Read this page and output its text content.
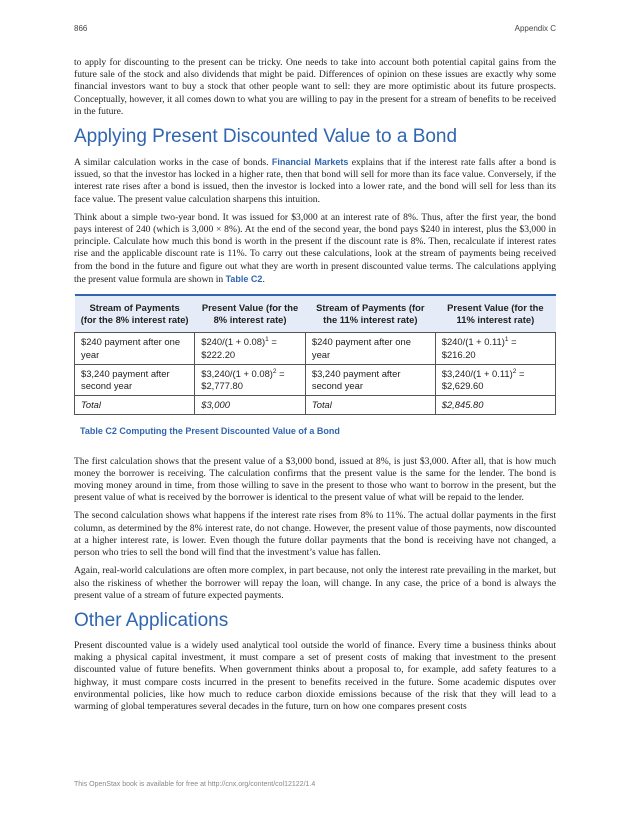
866	Appendix C

to apply for discounting to the present can be tricky. One needs to take into account both potential capital gains from the future sale of the stock and also dividends that might be paid. Differences of opinion on these issues are exactly why some financial investors want to buy a stock that other people want to sell: they are more optimistic about its future prospects. Conceptually, however, it all comes down to what you are willing to pay in the present for a stream of benefits to be received in the future.

Applying Present Discounted Value to a Bond

A similar calculation works in the case of bonds. Financial Markets explains that if the interest rate falls after a bond is issued, so that the investor has locked in a higher rate, then that bond will sell for more than its face value. Conversely, if the interest rate rises after a bond is issued, then the investor is locked into a lower rate, and the bond will sell for less than its face value. The present value calculation sharpens this intuition.

Think about a simple two-year bond. It was issued for $3,000 at an interest rate of 8%. Thus, after the first year, the bond pays interest of 240 (which is 3,000 × 8%). At the end of the second year, the bond pays $240 in interest, plus the $3,000 in principle. Calculate how much this bond is worth in the present if the discount rate is 8%. Then, recalculate if interest rates rise and the applicable discount rate is 11%. To carry out these calculations, look at the stream of payments being received from the bond in the future and figure out what they are worth in present discounted value terms. The calculations applying the present value formula are shown in Table C2.

Stream of Payments (for the 8% interest rate)	Present Value (for the 8% interest rate)	Stream of Payments (for the 11% interest rate)	Present Value (for the 11% interest rate)
$240 payment after one year	$240/(1 + 0.08)$^1$ = $222.20	$240 payment after one year	$240/(1 + 0.11)$^1$ = $216.20
$3,240 payment after second year	$3,240/(1 + 0.08)$^2$ = $2,777.80	$3,240 payment after second year	$3,240/(1 + 0.11)$^2$ = $2,629.60
Total	$3,000	Total	$2,845.80
Table C2 Computing the Present Discounted Value of a Bond

The first calculation shows that the present value of a $3,000 bond, issued at 8%, is just $3,000. After all, that is how much money the borrower is receiving. The calculation confirms that the present value is the same for the lender. The bond is moving money around in time, from those willing to save in the present to those who want to borrow in the present, but the present value of what is received by the borrower is identical to the present value of what will be repaid to the lender.

The second calculation shows what happens if the interest rate rises from 8% to 11%. The actual dollar payments in the first column, as determined by the 8% interest rate, do not change. However, the present value of those payments, now discounted at a higher interest rate, is lower. Even though the future dollar payments that the bond is receiving have not changed, a person who tries to sell the bond will find that the investment’s value has fallen.

Again, real-world calculations are often more complex, in part because, not only the interest rate prevailing in the market, but also the riskiness of whether the borrower will repay the loan, will change. In any case, the price of a bond is always the present value of a stream of future expected payments.

Other Applications

Present discounted value is a widely used analytical tool outside the world of finance. Every time a business thinks about making a physical capital investment, it must compare a set of present costs of making that investment to the present discounted value of future benefits. When government thinks about a proposal to, for example, add safety features to a highway, it must compare costs incurred in the present to benefits received in the future. Some academic disputes over environmental policies, like how much to reduce carbon dioxide emissions because of the risk that they will lead to a warming of global temperatures several decades in the future, turn on how one compares present costs

This OpenStax book is available for free at http://cnx.org/content/col12122/1.4
